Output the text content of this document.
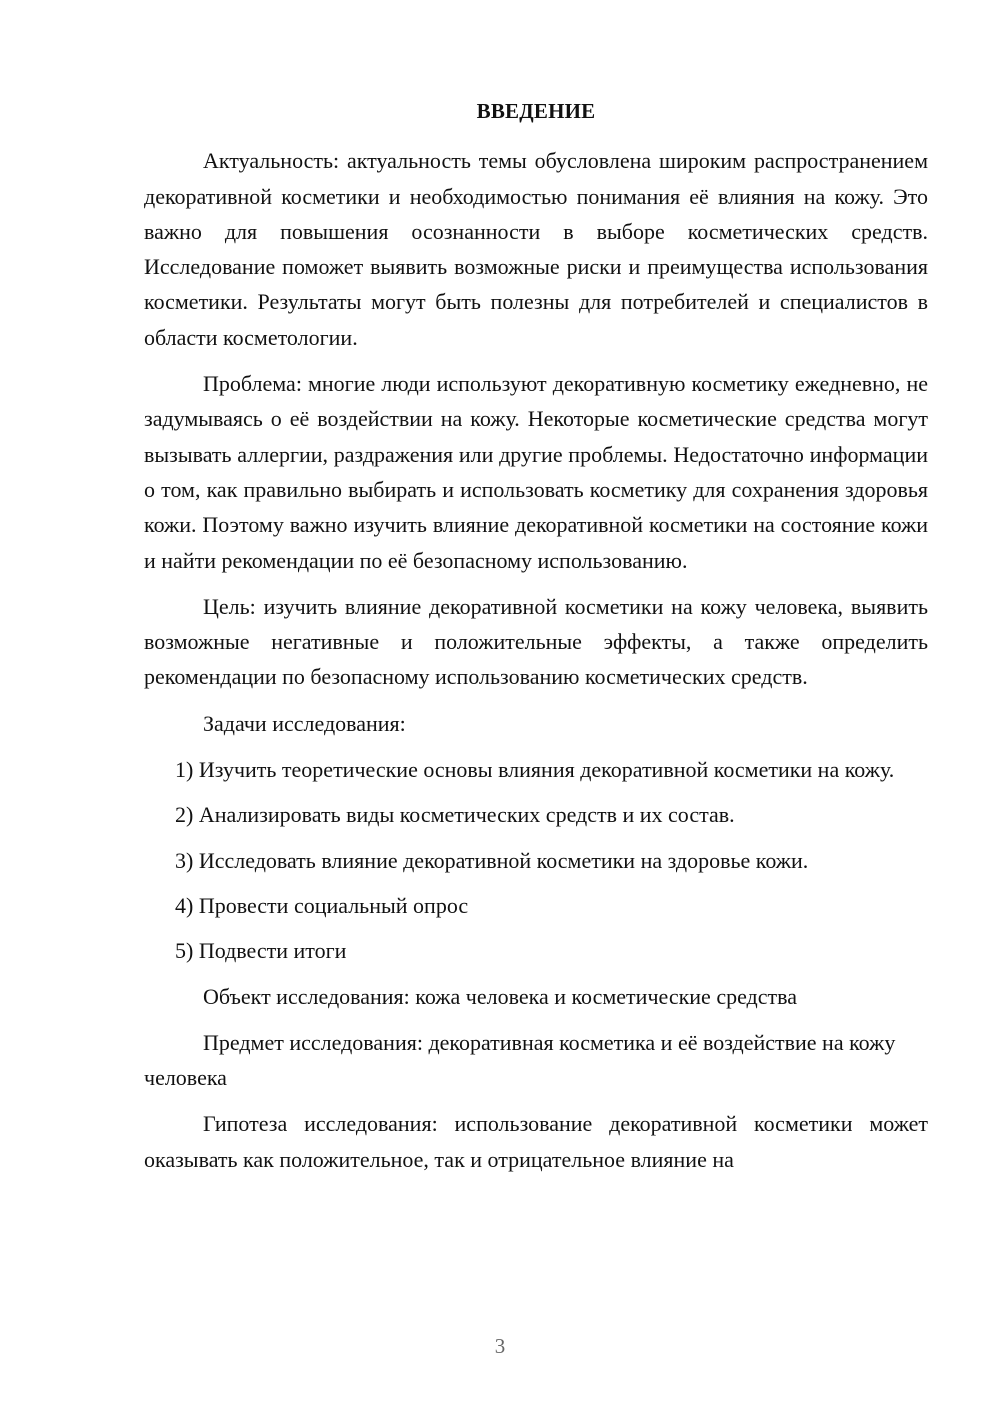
ВВЕДЕНИЕ

Актуальность: актуальность темы обусловлена широким распространением декоративной косметики и необходимостью понимания её влияния на кожу. Это важно для повышения осознанности в выборе косметических средств. Исследование поможет выявить возможные риски и преимущества использования косметики. Результаты могут быть полезны для потребителей и специалистов в области косметологии.

Проблема: многие люди используют декоративную косметику ежедневно, не задумываясь о её воздействии на кожу. Некоторые косметические средства могут вызывать аллергии, раздражения или другие проблемы. Недостаточно информации о том, как правильно выбирать и использовать косметику для сохранения здоровья кожи. Поэтому важно изучить влияние декоративной косметики на состояние кожи и найти рекомендации по её безопасному использованию.

Цель: изучить влияние декоративной косметики на кожу человека, выявить возможные негативные и положительные эффекты, а также определить рекомендации по безопасному использованию косметических средств.

Задачи исследования:

1) Изучить теоретические основы влияния декоративной косметики на кожу.

2) Анализировать виды косметических средств и их состав.

3) Исследовать влияние декоративной косметики на здоровье кожи.

4) Провести социальный опрос

5) Подвести итоги

Объект исследования: кожа человека и косметические средства

Предмет исследования: декоративная косметика и её воздействие на кожу человека

Гипотеза исследования: использование декоративной косметики может оказывать как положительное, так и отрицательное влияние на

3
